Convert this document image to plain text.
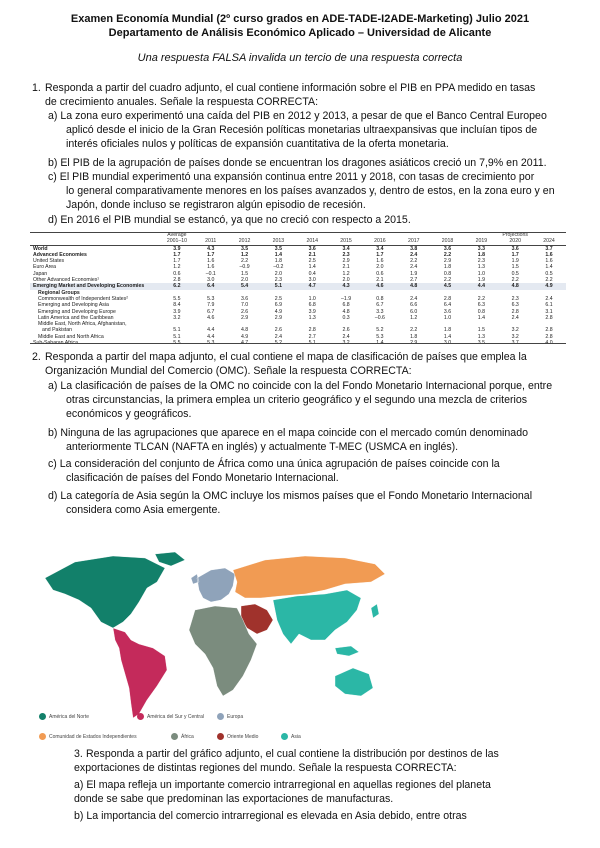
Examen Economía Mundial (2º curso grados en ADE-TADE-I2ADE-Marketing) Julio 2021
Departamento de Análisis Económico Aplicado – Universidad de Alicante
Una respuesta FALSA invalida un tercio de una respuesta correcta
1. Responda a partir del cuadro adjunto, el cual contiene información sobre el PIB en PPA medido en tasas
de crecimiento anuales. Señale la respuesta CORRECTA:
a) La zona euro experimentó una caída del PIB en 2012 y 2013, a pesar de que el Banco Central Europeo
aplicó desde el inicio de la Gran Recesión políticas monetarias ultraexpansivas que incluían tipos de
interés oficiales nulos y políticas de expansión cuantitativa de la oferta monetaria.
b) El PIB de la agrupación de países donde se encuentran los dragones asiáticos creció un 7,9% en 2011.
c) El PIB mundial experimentó una expansión continua entre 2011 y 2018, con tasas de crecimiento por
lo general comparativamente menores en los países avanzados y, dentro de estos, en la zona euro y en
Japón, donde incluso se registraron algún episodio de recesión.
d) En 2016 el PIB mundial se estancó, ya que no creció con respecto a 2015.
Average	Projections
2001–10	2011	2012	2013	2014	2015	2016	2017	2018	2019	2020	2024
World	3.9	4.3	3.5	3.5	3.6	3.4	3.4	3.8	3.6	3.3	3.6	3.7
Advanced Economies	1.7	1.7	1.2	1.4	2.1	2.3	1.7	2.4	2.2	1.8	1.7	1.6
United States	1.7	1.6	2.2	1.8	2.5	2.9	1.6	2.2	2.9	2.3	1.9	1.6
Euro Area	1.2	1.6	–0.9	–0.2	1.4	2.1	2.0	2.4	1.8	1.3	1.5	1.4
Japan	0.6	–0.1	1.5	2.0	0.4	1.2	0.6	1.9	0.8	1.0	0.5	0.5
Other Advanced Economies¹	2.8	3.0	2.0	2.3	3.0	2.0	2.1	2.7	2.2	1.9	2.2	2.2
Emerging Market and Developing Economies	6.2	6.4	5.4	5.1	4.7	4.3	4.6	4.8	4.5	4.4	4.8	4.9
Regional Groups
Commonwealth of Independent States²	5.5	5.3	3.6	2.5	1.0	–1.9	0.8	2.4	2.8	2.2	2.3	2.4
Emerging and Developing Asia	8.4	7.9	7.0	6.9	6.8	6.8	6.7	6.6	6.4	6.3	6.3	6.1
Emerging and Developing Europe	3.9	6.7	2.6	4.9	3.9	4.8	3.3	6.0	3.6	0.8	2.8	3.1
Latin America and the Caribbean	3.2	4.6	2.9	2.9	1.3	0.3	–0.6	1.2	1.0	1.4	2.4	2.8
Middle East, North Africa, Afghanistan,
and Pakistan	5.1	4.4	4.8	2.6	2.8	2.6	5.2	2.2	1.8	1.5	3.2	2.8
Middle East and North Africa	5.1	4.4	4.9	2.4	2.7	2.4	5.3	1.8	1.4	1.3	3.2	2.8
Sub-Saharan Africa	5.5	5.3	4.7	5.2	5.1	3.2	1.4	2.9	3.0	3.5	3.7	4.0
2. Responda a partir del mapa adjunto, el cual contiene el mapa de clasificación de países que emplea la
Organización Mundial del Comercio (OMC). Señale la respuesta CORRECTA:
a) La clasificación de países de la OMC no coincide con la del Fondo Monetario Internacional porque, entre
otras circunstancias, la primera emplea un criterio geográfico y el segundo una mezcla de criterios
económicos y geográficos.
b) Ninguna de las agrupaciones que aparece en el mapa coincide con el mercado común denominado
anteriormente TLCAN (NAFTA en inglés) y actualmente T-MEC (USMCA en inglés).
c) La consideración del conjunto de África como una única agrupación de países coincide con la
clasificación de países del Fondo Monetario Internacional.
d) La categoría de Asia según la OMC incluye los mismos países que el Fondo Monetario Internacional
considera como Asia emergente.
América del Norte	América del Sur y Central	Europa
Comunidad de Estados Independientes	África	Oriente Medio	Asia
3. Responda a partir del gráfico adjunto, el cual contiene la distribución por destinos de las
exportaciones de distintas regiones del mundo. Señale la respuesta CORRECTA:
a) El mapa refleja un importante comercio intrarregional en aquellas regiones del planeta
donde se sabe que predominan las exportaciones de manufacturas.
b) La importancia del comercio intrarregional es elevada en Asia debido, entre otras
